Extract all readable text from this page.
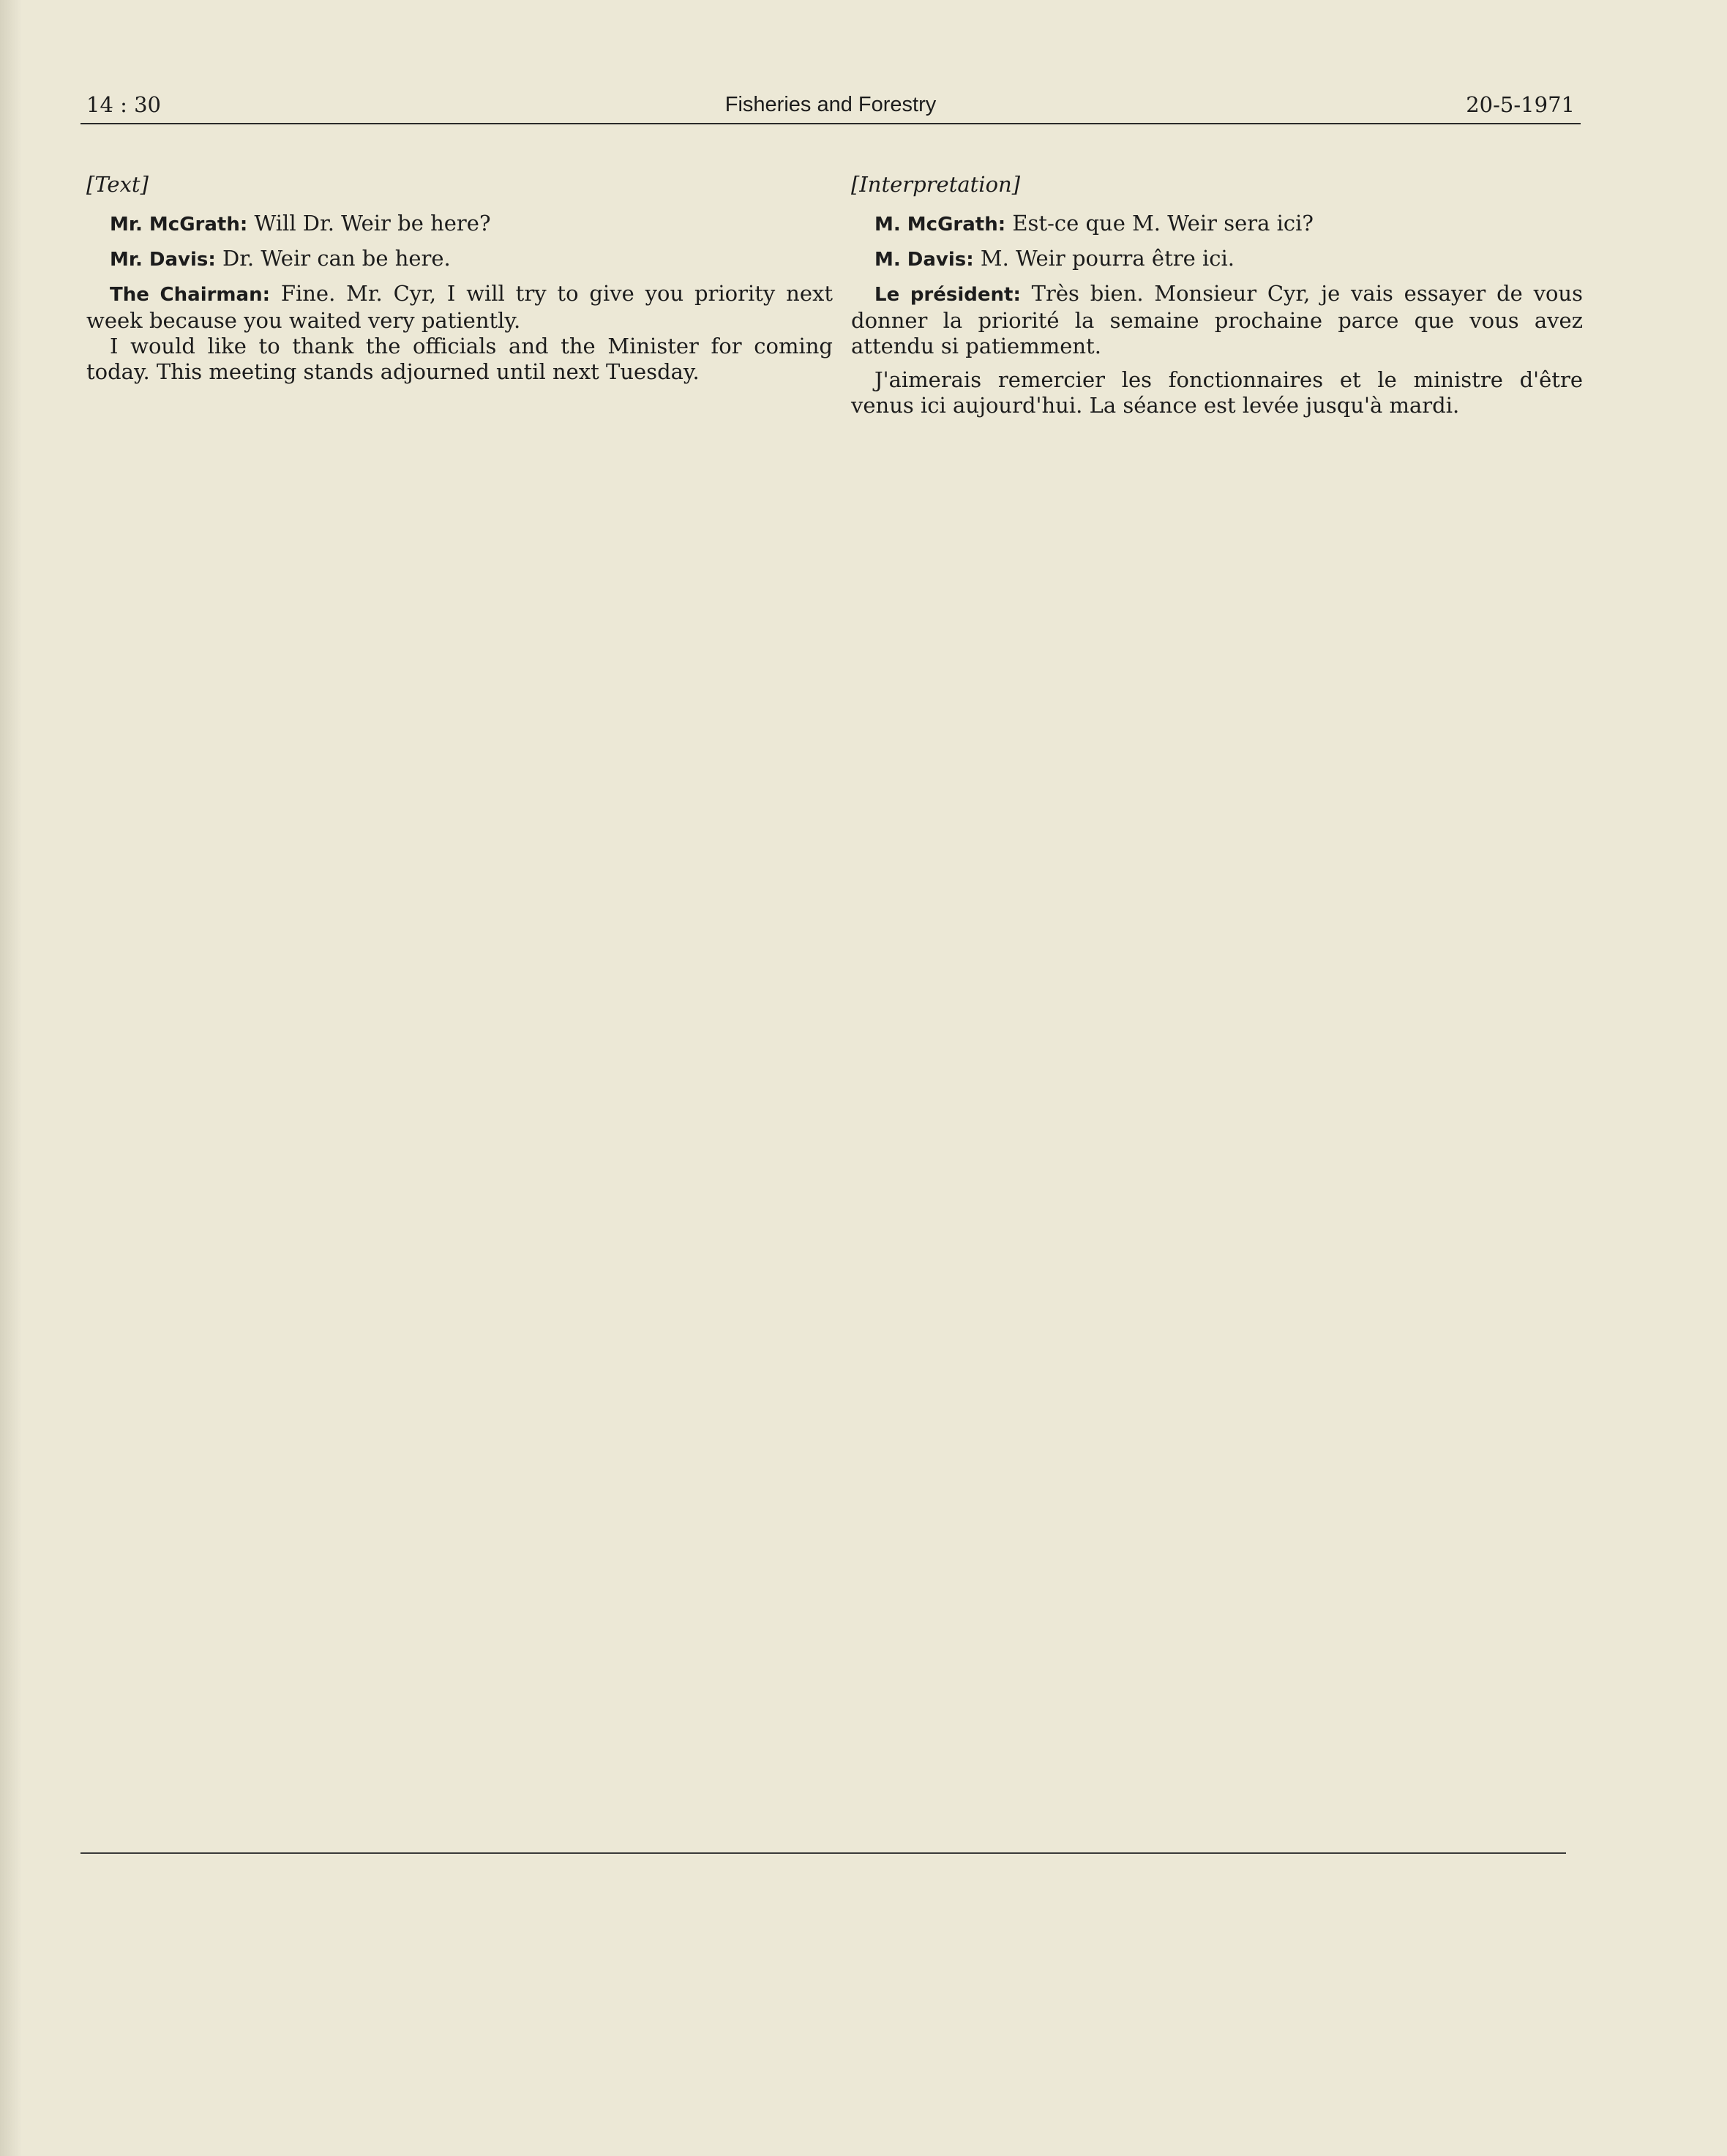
14 : 30	Fisheries and Forestry	20-5-1971
[Text]

Mr. McGrath: Will Dr. Weir be here?

Mr. Davis: Dr. Weir can be here.

The Chairman: Fine. Mr. Cyr, I will try to give you priority next week because you waited very patiently.

I would like to thank the officials and the Minister for coming today. This meeting stands adjourned until next Tuesday.

[Interpretation]

M. McGrath: Est-ce que M. Weir sera ici?

M. Davis: M. Weir pourra être ici.

Le président: Très bien. Monsieur Cyr, je vais essayer de vous donner la priorité la semaine prochaine parce que vous avez attendu si patiemment.

J'aimerais remercier les fonctionnaires et le ministre d'être venus ici aujourd'hui. La séance est levée jusqu'à mardi.
